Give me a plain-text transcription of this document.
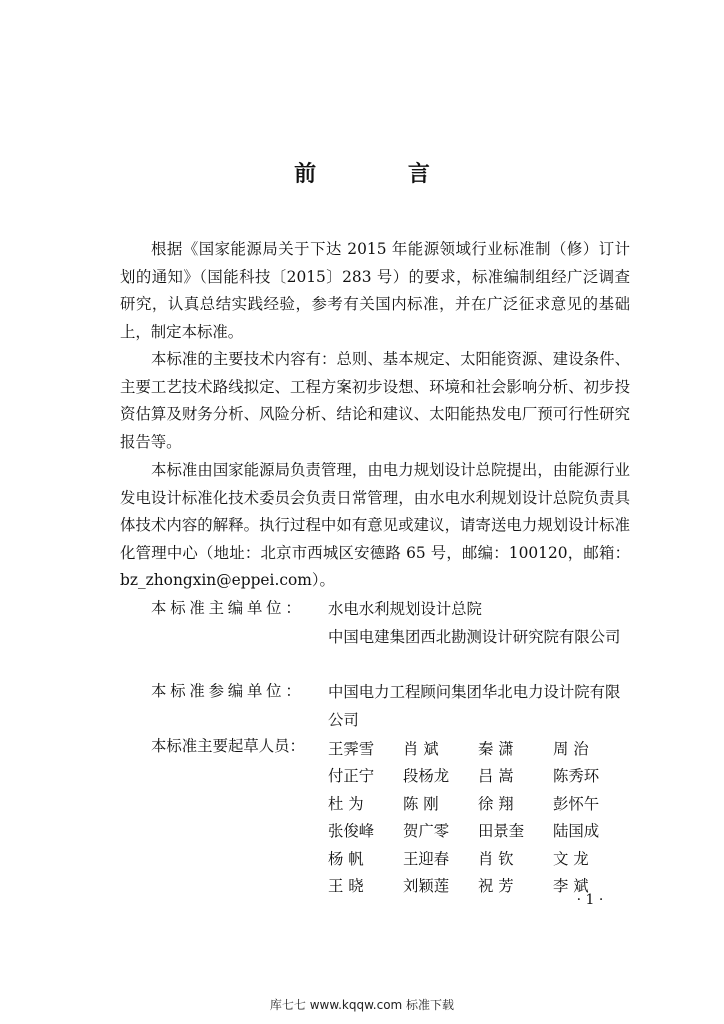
前 言

根据《国家能源局关于下达 2015 年能源领域行业标准制（修）订计划的通知》（国能科技〔2015〕283 号）的要求，标准编制组经广泛调查研究，认真总结实践经验，参考有关国内标准，并在广泛征求意见的基础上，制定本标准。

本标准的主要技术内容有：总则、基本规定、太阳能资源、建设条件、主要工艺技术路线拟定、工程方案初步设想、环境和社会影响分析、初步投资估算及财务分析、风险分析、结论和建议、太阳能热发电厂预可行性研究报告等。

本标准由国家能源局负责管理，由电力规划设计总院提出，由能源行业发电设计标准化技术委员会负责日常管理，由水电水利规划设计总院负责具体技术内容的解释。执行过程中如有意见或建议，请寄送电力规划设计标准化管理中心（地址：北京市西城区安德路 65 号，邮编：100120，邮箱：bz_zhongxin@eppei.com）。

本标准主编单位： 水电水利规划设计总院
中国电建集团西北勘测设计研究院有限公司
本标准参编单位： 中国电力工程顾问集团华北电力设计院有限公司
本标准主要起草人员： 王霁雪	肖 斌	秦 潇	周 治
付正宁	段杨龙	吕 嵩	陈秀环
杜 为	陈 刚	徐 翔	彭怀午
张俊峰	贺广零	田景奎	陆国成
杨 帆	王迎春	肖 钦	文 龙
王 晓	刘颖莲	祝 芳	李 斌
· 1 ·
库七七 www.kqqw.com 标准下载
